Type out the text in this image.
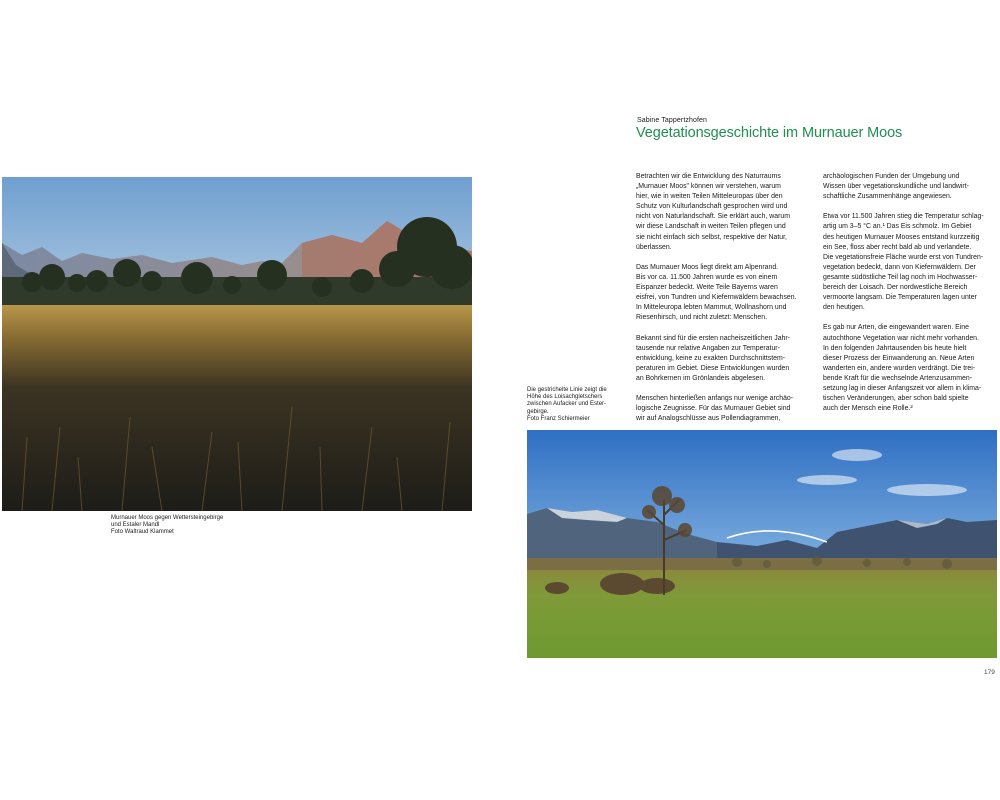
Murnauer Moos gegen Wettersteingebirge
und Estaler Mandl
Foto Waltraud Klammet
Sabine Tappertzhofen
Vegetationsgeschichte im Murnauer Moos

Betrachten wir die Entwicklung des Naturraums
„Murnauer Moos" können wir verstehen, warum
hier, wie in weiten Teilen Mitteleuropas über den
Schutz von Kulturlandschaft gesprochen wird und
nicht von Naturlandschaft. Sie erklärt auch, warum
wir diese Landschaft in weiten Teilen pflegen und
sie nicht einfach sich selbst, respektive der Natur,
überlassen.

Das Murnauer Moos liegt direkt am Alpenrand.
Bis vor ca. 11.500 Jahren wurde es von einem
Eispanzer bedeckt. Weite Teile Bayerns waren
eisfrei, von Tundren und Kiefernwäldern bewachsen.
In Mitteleuropa lebten Mammut, Wollnashorn und
Riesenhirsch, und nicht zuletzt: Menschen.

Bekannt sind für die ersten nacheiszeitlichen Jahr-
tausende nur relative Angaben zur Temperatur-
entwicklung, keine zu exakten Durchschnittstem-
peraturen im Gebiet. Diese Entwicklungen wurden
an Bohrkernen im Grönlandeis abgelesen.

Menschen hinterließen anfangs nur wenige archäo-
logische Zeugnisse. Für das Murnauer Gebiet sind
wir auf Analogschlüsse aus Pollendiagrammen,

archäologischen Funden der Umgebung und
Wissen über vegetationskundliche und landwirt-
schaftliche Zusammenhänge angewiesen.

Etwa vor 11.500 Jahren stieg die Temperatur schlag-
artig um 3–5 °C an.¹ Das Eis schmolz. Im Gebiet
des heutigen Murnauer Mooses entstand kurzzeitig
ein See, floss aber recht bald ab und verlandete.
Die vegetationsfreie Fläche wurde erst von Tundren-
vegetation bedeckt, dann von Kiefernwäldern. Der
gesamte südöstliche Teil lag noch im Hochwasser-
bereich der Loisach. Der nordwestliche Bereich
vermoorte langsam. Die Temperaturen lagen unter
den heutigen.

Es gab nur Arten, die eingewandert waren. Eine
autochthone Vegetation war nicht mehr vorhanden.
In den folgenden Jahrtausenden bis heute hielt
dieser Prozess der Einwanderung an. Neue Arten
wanderten ein, andere wurden verdrängt. Die trei-
bende Kraft für die wechselnde Artenzusammen-
setzung lag in dieser Anfangszeit vor allem in klima-
tischen Veränderungen, aber schon bald spielte
auch der Mensch eine Rolle.²

Die gestrichelte Linie zeigt die
Höhe des Loisachgletschers
zwischen Aufacker und Ester-
gebirge.
Foto Franz Schiermeier
179
